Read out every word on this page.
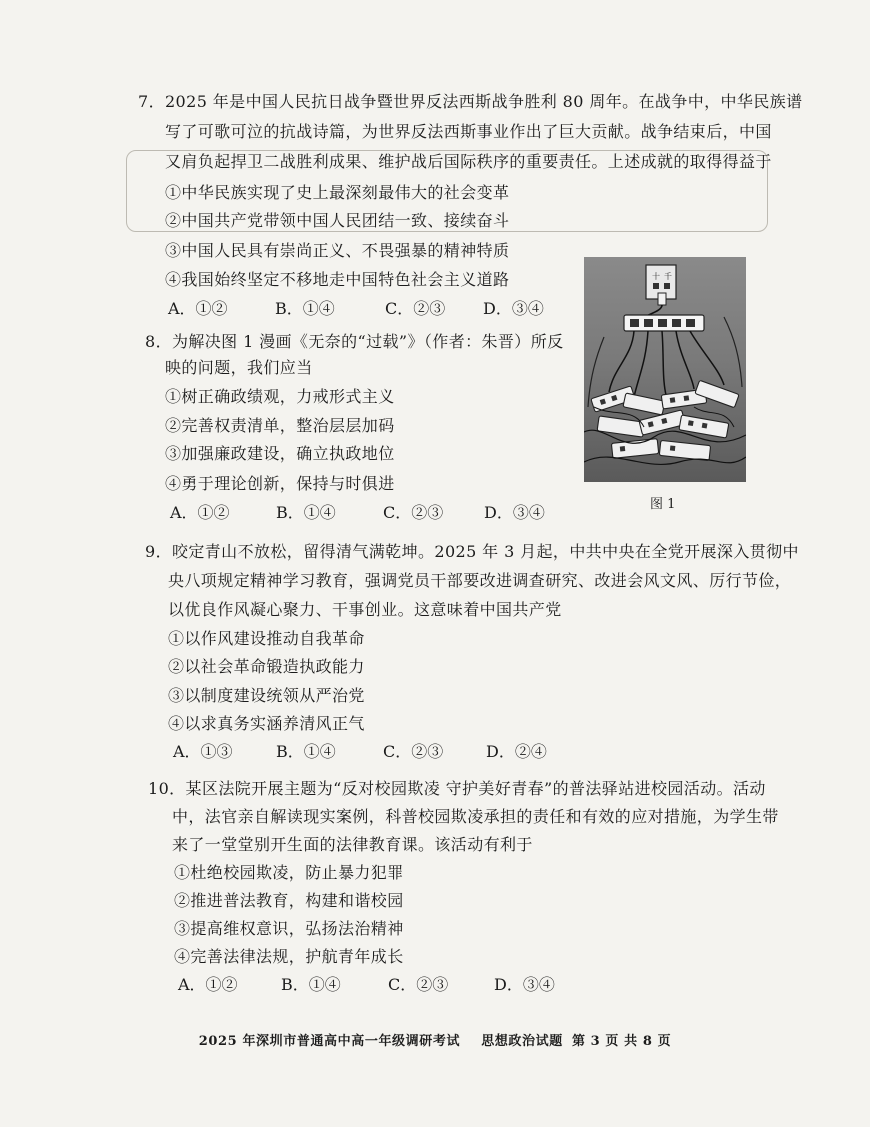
7．2025 年是中国人民抗日战争暨世界反法西斯战争胜利 80 周年。在战争中，中华民族谱
写了可歌可泣的抗战诗篇，为世界反法西斯事业作出了巨大贡献。战争结束后，中国
又肩负起捍卫二战胜利成果、维护战后国际秩序的重要责任。上述成就的取得得益于
①中华民族实现了史上最深刻最伟大的社会变革
②中国共产党带领中国人民团结一致、接续奋斗
③中国人民具有崇尚正义、不畏强暴的精神特质
④我国始终坚定不移地走中国特色社会主义道路
A．①②	B．①④	C．②③ D．③④
8．为解决图 1 漫画《无奈的“过载”》（作者：朱晋）所反
映的问题，我们应当
①树正确政绩观，力戒形式主义
②完善权责清单，整治层层加码
③加强廉政建设，确立执政地位
④勇于理论创新，保持与时俱进
A．①②	B．①④	C．②③	D．③④
十 千
图 1
9．咬定青山不放松，留得清气满乾坤。2025 年 3 月起，中共中央在全党开展深入贯彻中
央八项规定精神学习教育，强调党员干部要改进调查研究、改进会风文风、厉行节俭，
以优良作风凝心聚力、干事创业。这意味着中国共产党
①以作风建设推动自我革命
②以社会革命锻造执政能力
③以制度建设统领从严治党
④以求真务实涵养清风正气
A．①③	B．①④	C．②③	D．②④
10．某区法院开展主题为“反对校园欺凌 守护美好青春”的普法驿站进校园活动。活动
中，法官亲自解读现实案例，科普校园欺凌承担的责任和有效的应对措施，为学生带
来了一堂堂别开生面的法律教育课。该活动有利于
①杜绝校园欺凌，防止暴力犯罪
②推进普法教育，构建和谐校园
③提高维权意识，弘扬法治精神
④完善法律法规，护航青年成长
A．①②	B．①④	C．②③	D．③④
2025 年深圳市普通高中高一年级调研考试 思想政治试题 第 3 页 共 8 页
